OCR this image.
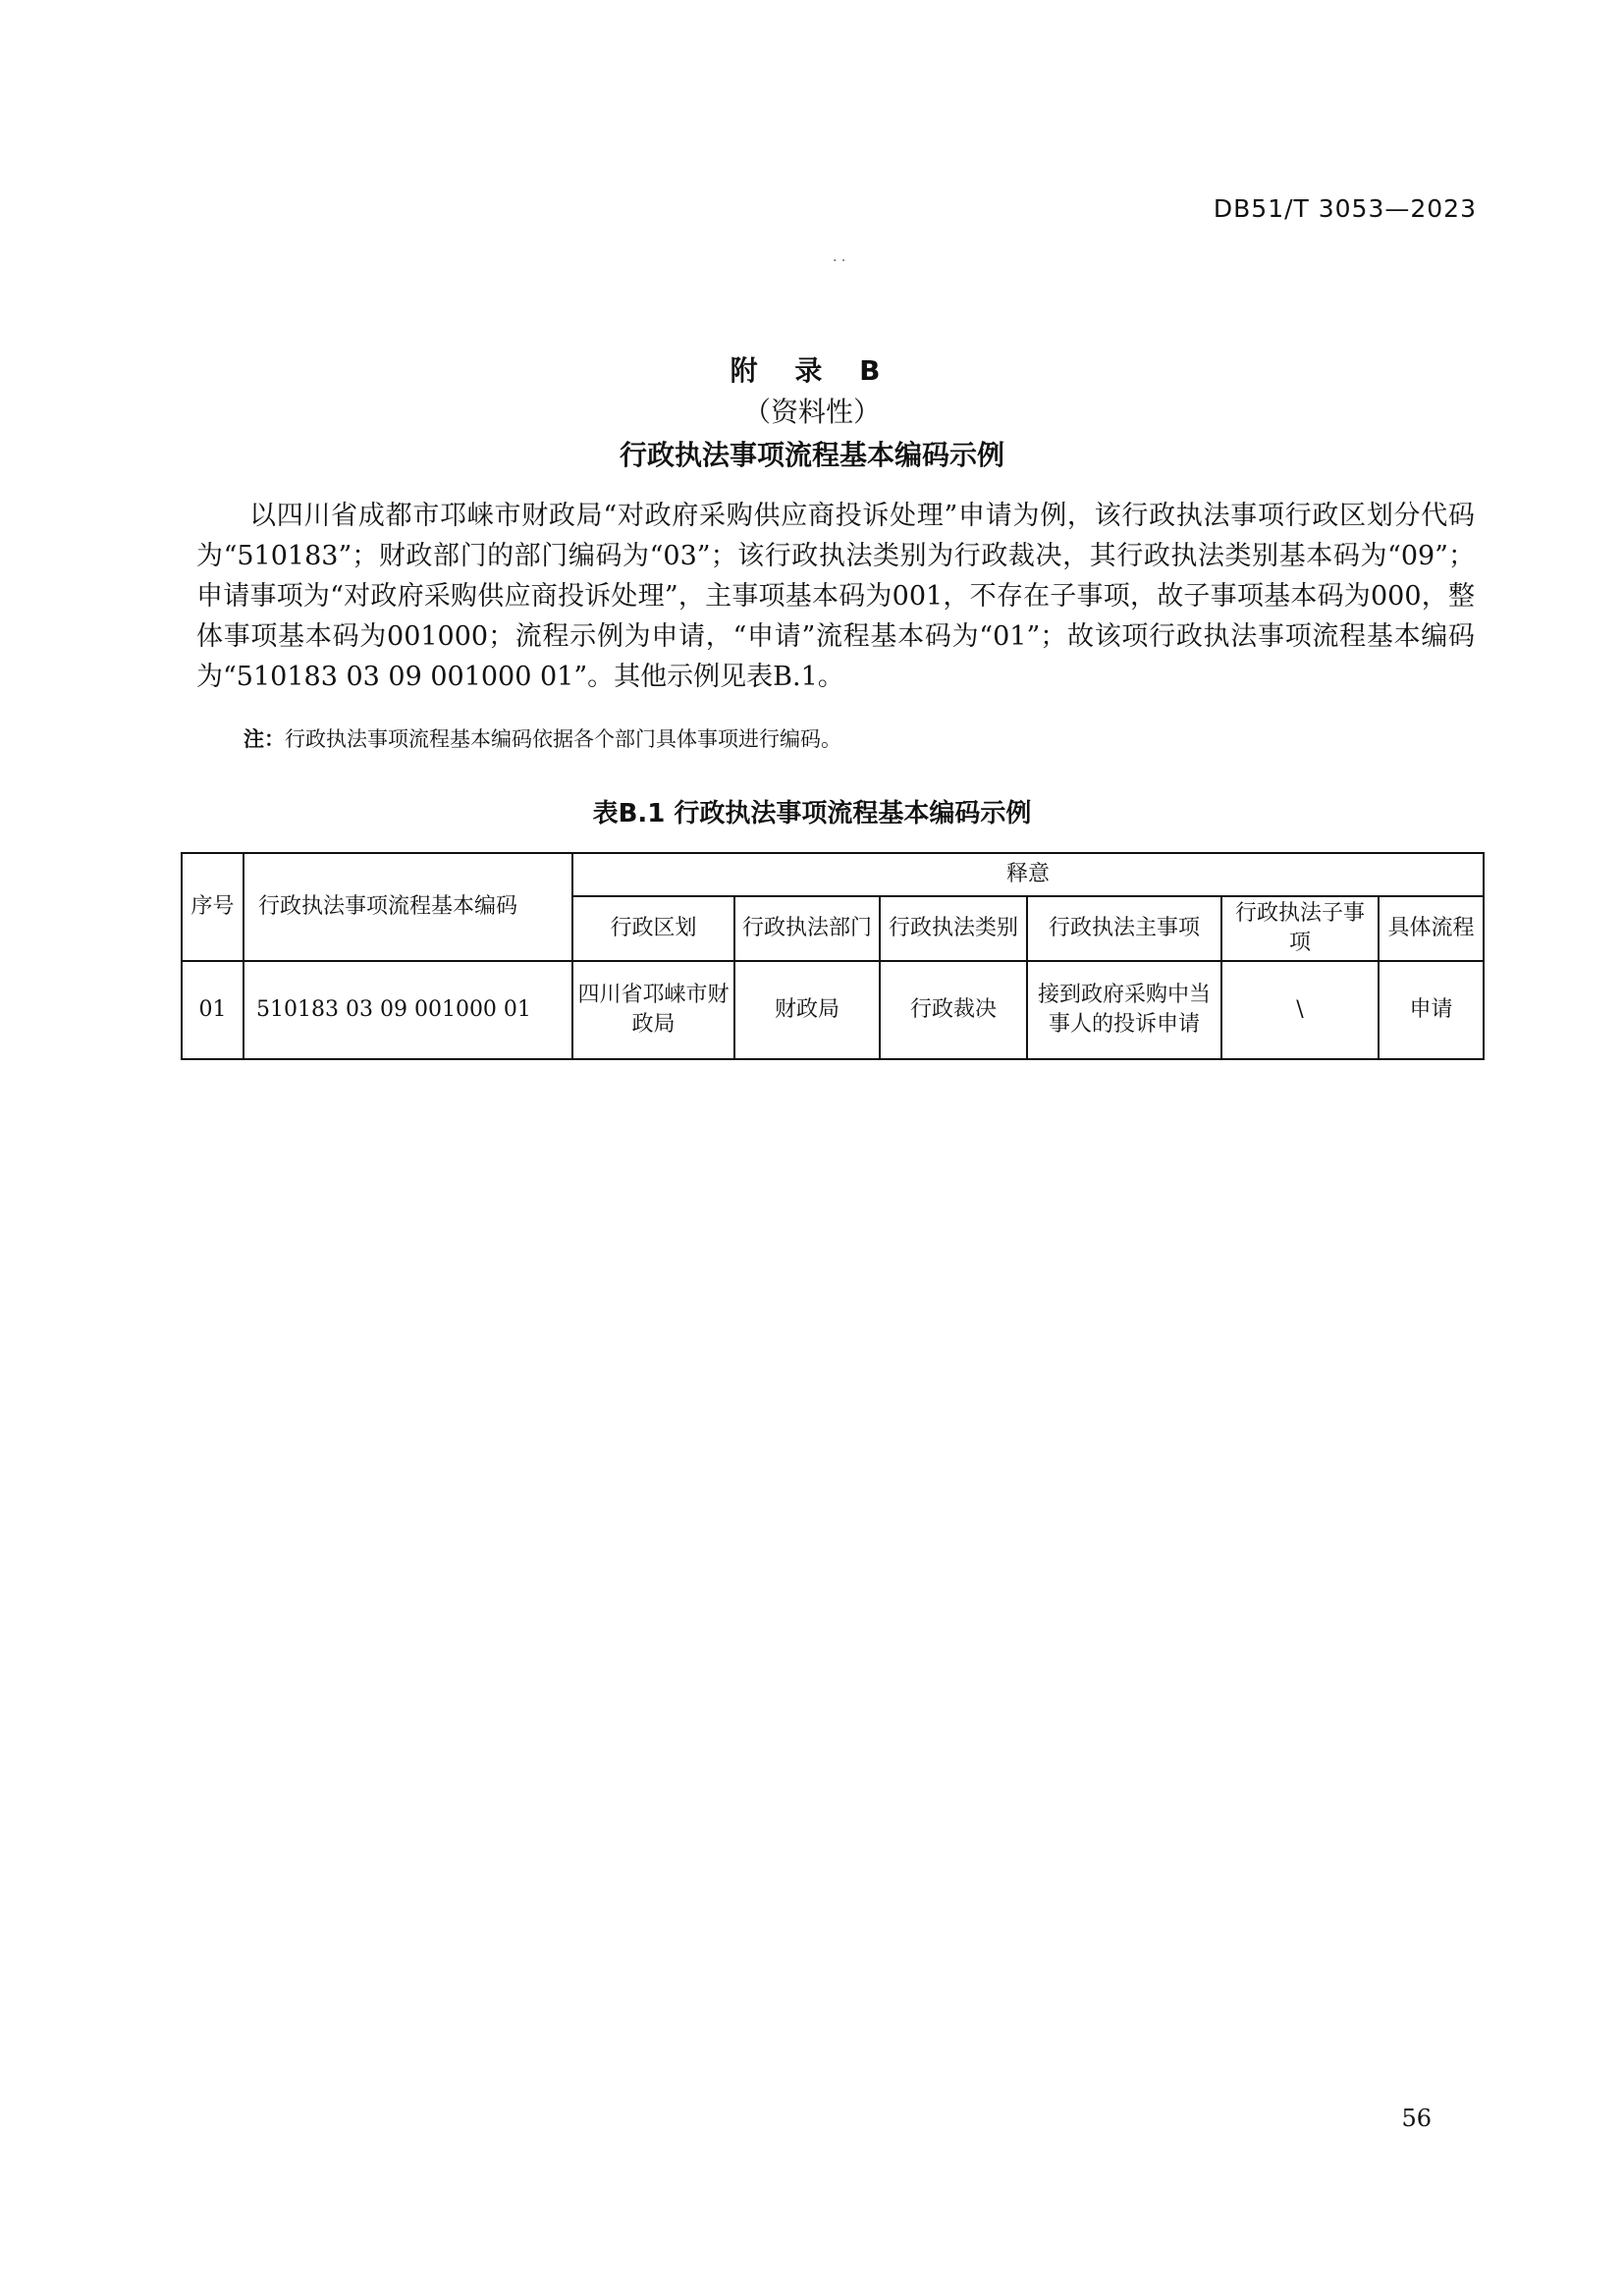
DB51/T 3053—2023
· ·
附 录 B
（资料性）
行政执法事项流程基本编码示例
以四川省成都市邛崃市财政局“对政府采购供应商投诉处理”申请为例，该行政执法事项行政区划分代码为“510183”；财政部门的部门编码为“03”；该行政执法类别为行政裁决，其行政执法类别基本码为“09”；申请事项为“对政府采购供应商投诉处理”，主事项基本码为001，不存在子事项，故子事项基本码为000，整体事项基本码为001000；流程示例为申请，“申请”流程基本码为“01”；故该项行政执法事项流程基本编码为“510183 03 09 001000 01”。其他示例见表B.1。
注：行政执法事项流程基本编码依据各个部门具体事项进行编码。
表B.1 行政执法事项流程基本编码示例
序号	行政执法事项流程基本编码	释意					
		行政区划	行政执法部门	行政执法类别	行政执法主事项	行政执法子事项	具体流程
01	510183 03 09 001000 01	四川省邛崃市财政局	财政局	行政裁决	接到政府采购中当事人的投诉申请	\	申请
56
